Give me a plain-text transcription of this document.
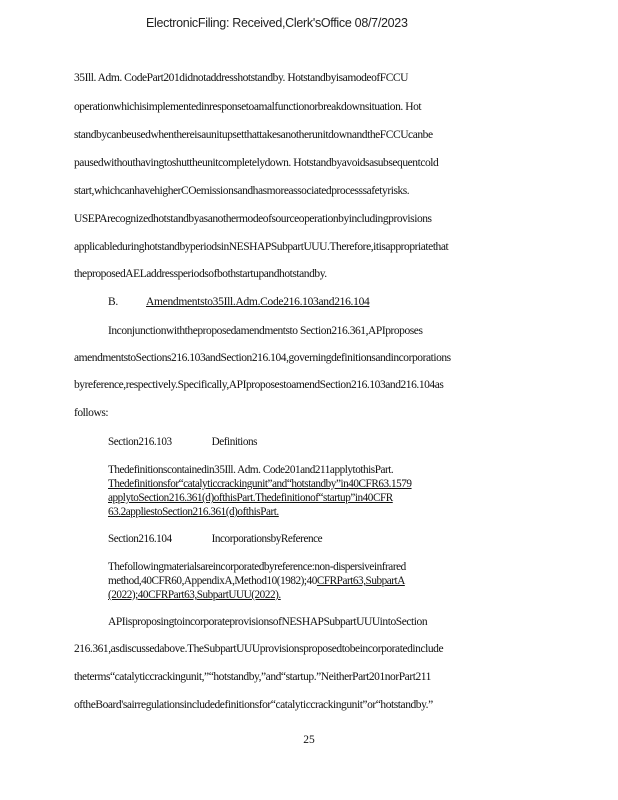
ElectronicFiling: Received,Clerk'sOffice 08/7/2023
35Ill. Adm. CodePart201didnotaddresshotstandby. HotstandbyisamodeofFCCU
operationwhichisimplementedinresponsetoamalfunctionorbreakdownsituation. Hot
standbycanbeusedwhenthereisaunitupsetthattakesanotherunitdownandtheFCCUcanbe
pausedwithouthavingtoshuttheunitcompletelydown. Hotstandbyavoidsasubsequentcold
start,whichcanhavehigherCOemissionsandhasmoreassociatedprocesssafetyrisks.
USEPArecognizedhotstandbyasanothermodeofsourceoperationbyincludingprovisions
applicableduringhotstandbyperiodsinNESHAPSubpartUUU.Therefore,itisappropriatethat
theproposedAELaddressperiodsofbothstartupandhotstandby.
B. Amendmentsto35Ill.Adm.Code216.103and216.104
Inconjunctionwiththeproposedamendmentsto Section216.361,APIproposes
amendmentstoSections216.103andSection216.104,governingdefinitionsandincorporations
byreference,respectively.Specifically,APIproposestoamendSection216.103and216.104as
follows:
Section216.103	Definitions
Thedefinitionscontainedin35Ill. Adm. Code201and211applytothisPart.
Thedefinitionsfor“catalyticcrackingunit”and“hotstandby”in40CFR63.1579
applytoSection216.361(d)ofthisPart.Thedefinitionof“startup”in40CFR
63.2appliestoSection216.361(d)ofthisPart.
Section216.104	IncorporationsbyReference
Thefollowingmaterialsareincorporatedbyreference:non-dispersiveinfrared
method,40CFR60,AppendixA,Method10(1982);40CFRPart63,SubpartA
(2022);40CFRPart63,SubpartUUU(2022).
APIisproposingtoincorporateprovisionsofNESHAPSubpartUUUintoSection
216.361,asdiscussedabove.TheSubpartUUUprovisionsproposedtobeincorporatedinclude
theterms“catalyticcrackingunit,”“hotstandby,”and“startup.”NeitherPart201norPart211
oftheBoard'sairregulationsincludedefinitionsfor“catalyticcrackingunit”or“hotstandby.”
25
